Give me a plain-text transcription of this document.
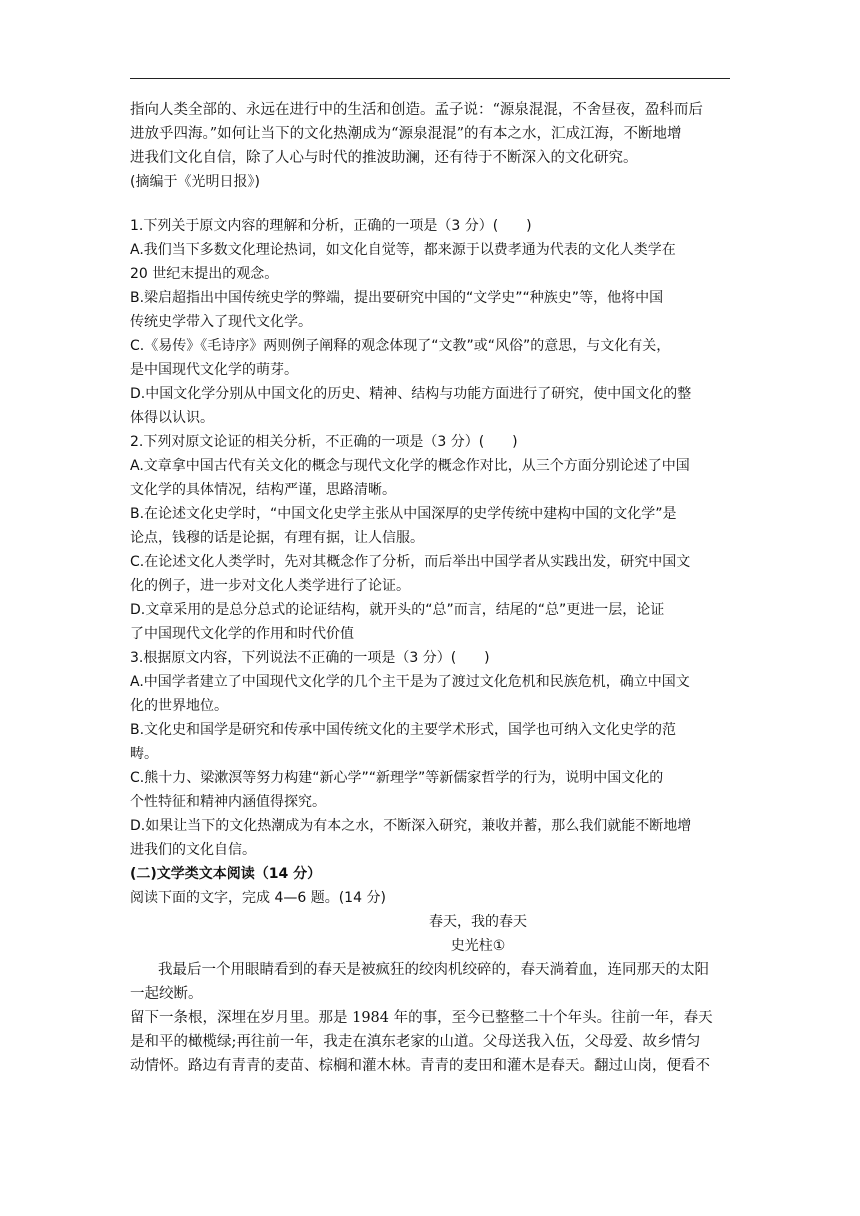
指向人类全部的、永远在进行中的生活和创造。孟子说：“源泉混混，不舍昼夜，盈科而后
进放乎四海。”如何让当下的文化热潮成为“源泉混混”的有本之水，汇成江海，不断地增
进我们文化自信，除了人心与时代的推波助澜，还有待于不断深入的文化研究。
(摘编于《光明日报》)
1.下列关于原文内容的理解和分析，正确的一项是（3 分）(　　)
A.我们当下多数文化理论热词，如文化自觉等，都来源于以费孝通为代表的文化人类学在
20 世纪末提出的观念。
B.梁启超指出中国传统史学的弊端，提出要研究中国的“文学史”“种族史”等，他将中国
传统史学带入了现代文化学。
C.《易传》《毛诗序》两则例子阐释的观念体现了“文教”或“风俗”的意思，与文化有关，
是中国现代文化学的萌芽。
D.中国文化学分别从中国文化的历史、精神、结构与功能方面进行了研究，使中国文化的整
体得以认识。
2.下列对原文论证的相关分析，不正确的一项是（3 分）(　　)
A.文章拿中国古代有关文化的概念与现代文化学的概念作对比，从三个方面分别论述了中国
文化学的具体情况，结构严谨，思路清晰。
B.在论述文化史学时，“中国文化史学主张从中国深厚的史学传统中建构中国的文化学”是
论点，钱穆的话是论据，有理有据，让人信服。
C.在论述文化人类学时，先对其概念作了分析，而后举出中国学者从实践出发，研究中国文
化的例子，进一步对文化人类学进行了论证。
D.文章采用的是总分总式的论证结构，就开头的“总”而言，结尾的“总”更进一层，论证
了中国现代文化学的作用和时代价值
3.根据原文内容，下列说法不正确的一项是（3 分）(　　)
A.中国学者建立了中国现代文化学的几个主干是为了渡过文化危机和民族危机，确立中国文
化的世界地位。
B.文化史和国学是研究和传承中国传统文化的主要学术形式，国学也可纳入文化史学的范
畴。
C.熊十力、梁漱溟等努力构建“新心学”“新理学”等新儒家哲学的行为，说明中国文化的
个性特征和精神内涵值得探究。
D.如果让当下的文化热潮成为有本之水，不断深入研究，兼收并蓄，那么我们就能不断地增
进我们的文化自信。
(二)文学类文本阅读（14 分）
阅读下面的文字，完成 4—6 题。(14 分)
春天，我的春天
史光柱①
我最后一个用眼睛看到的春天是被疯狂的绞肉机绞碎的，春天淌着血，连同那天的太阳
一起绞断。
留下一条根，深埋在岁月里。那是 1984 年的事，至今已整整二十个年头。往前一年，春天
是和平的橄榄绿;再往前一年，我走在滇东老家的山道。父母送我入伍，父母爱、故乡情匀
动情怀。路边有青青的麦苗、棕榈和灌木林。青青的麦田和灌木是春天。翻过山岗，便看不
